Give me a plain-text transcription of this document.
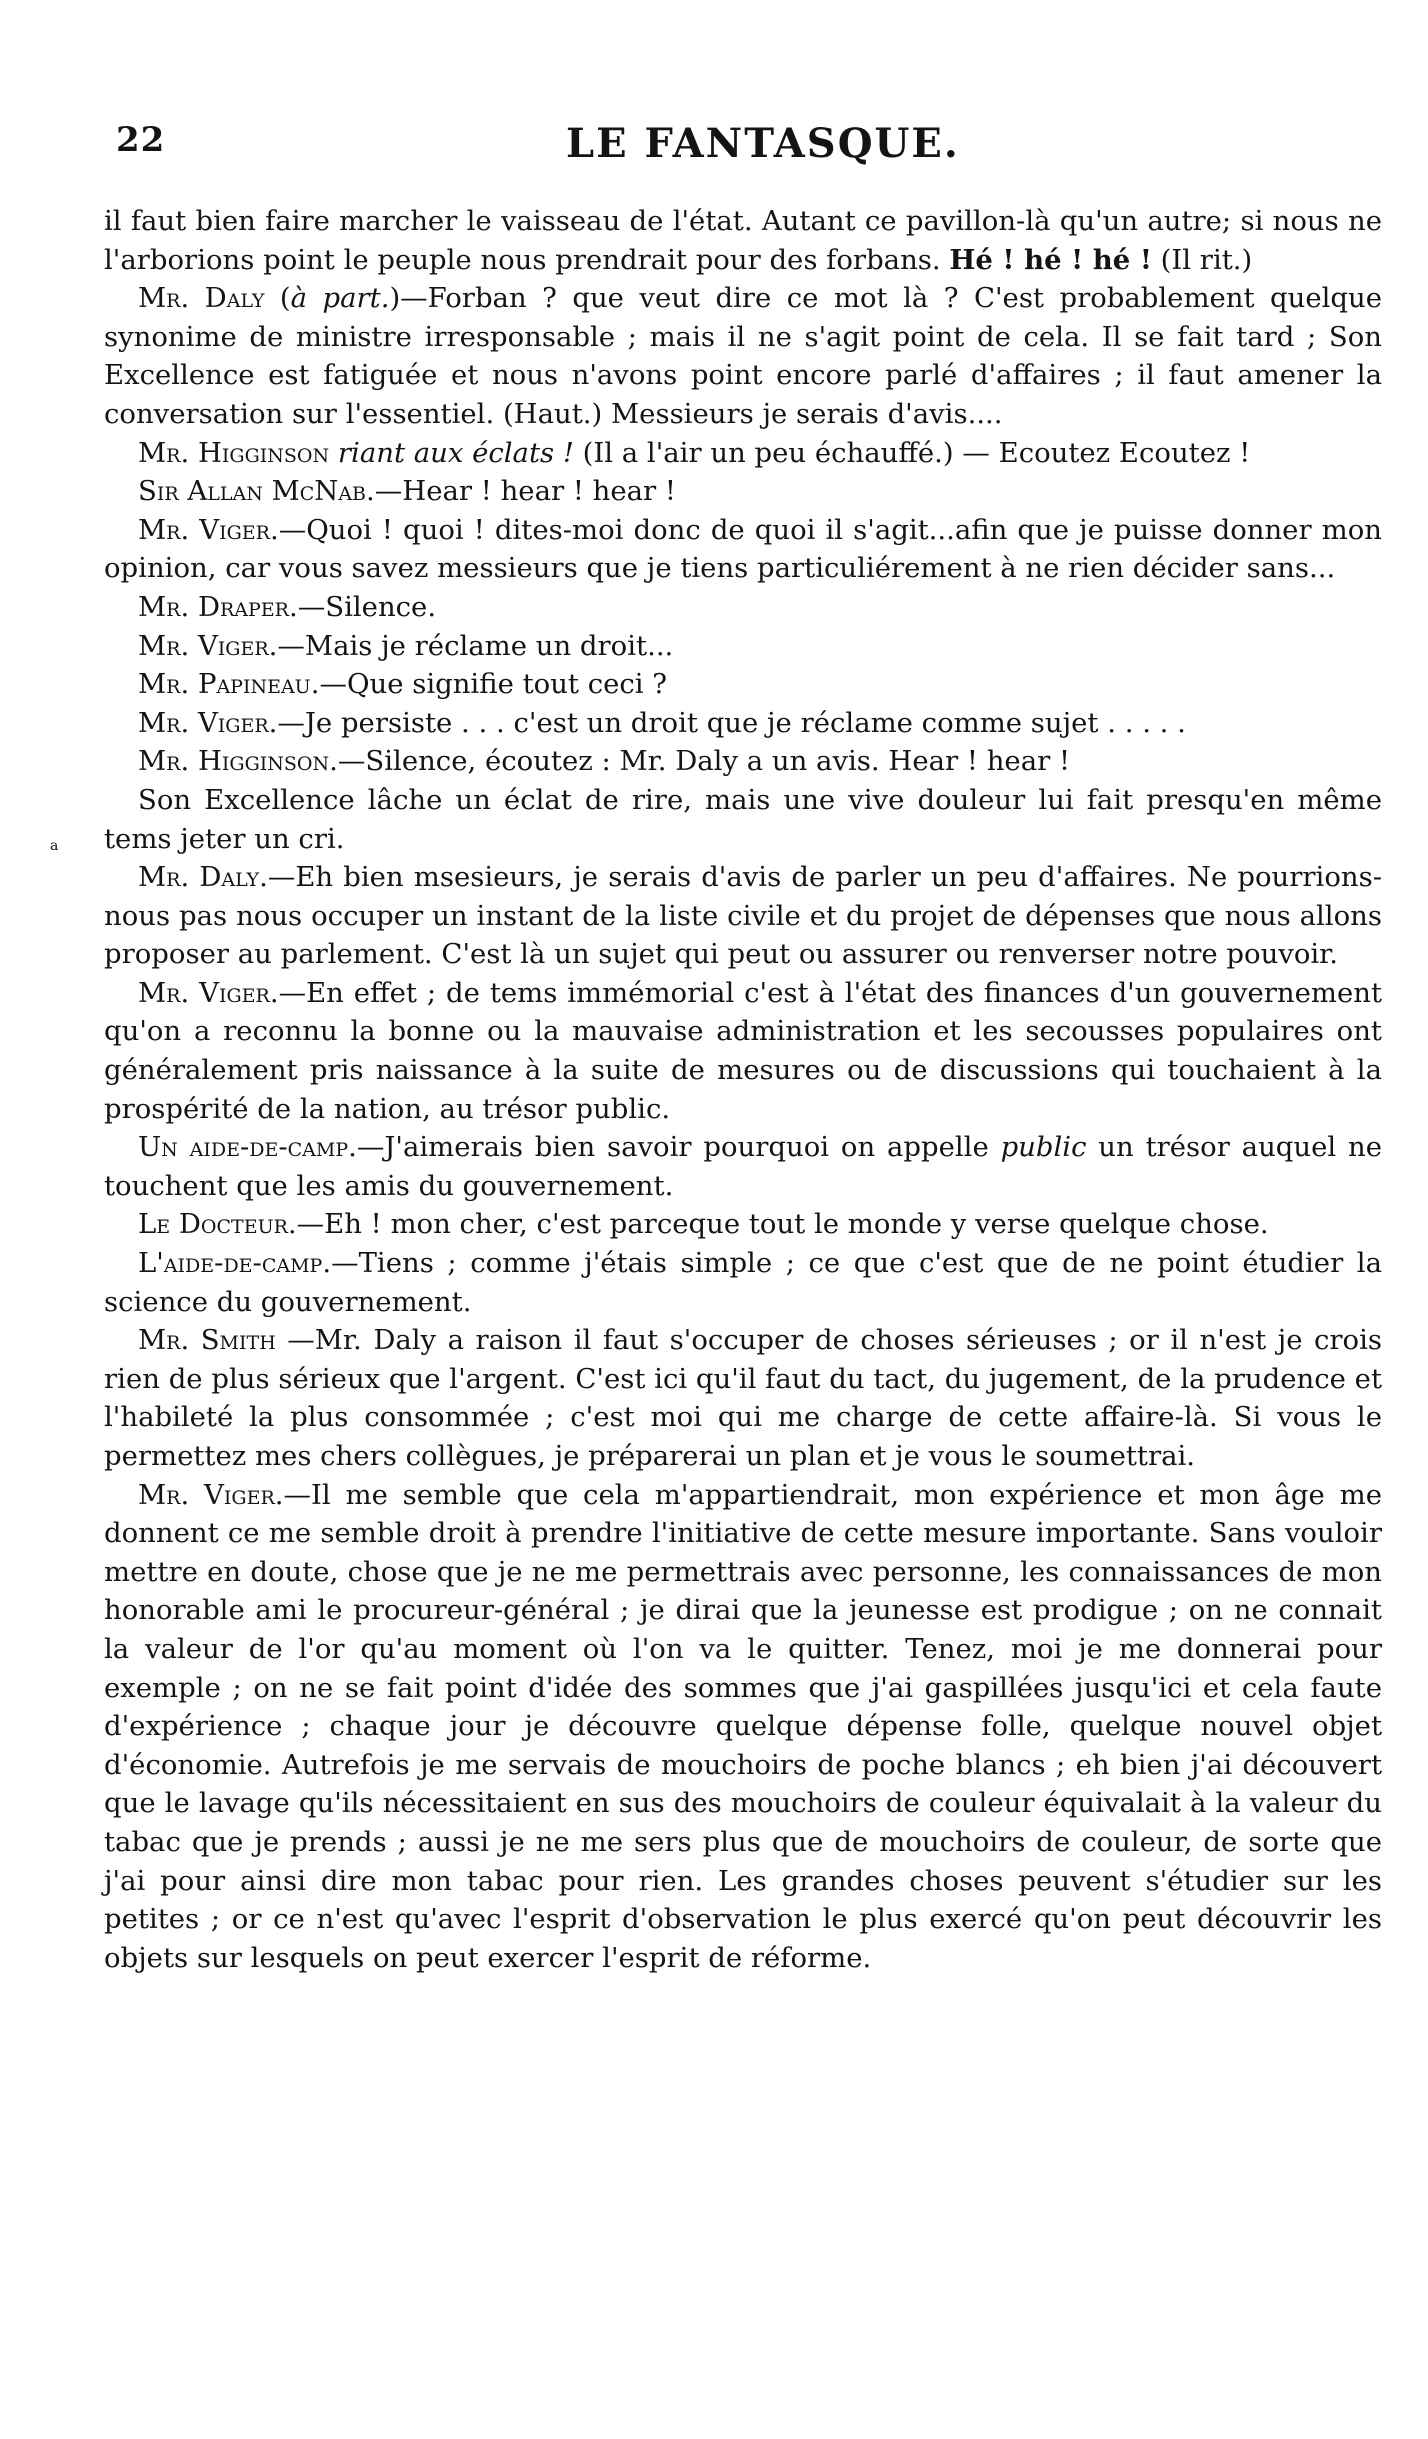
22	LE FANTASQUE.
a

il faut bien faire marcher le vaisseau de l'état. Autant ce pavillon-là qu'un autre; si nous ne l'arborions point le peuple nous prendrait pour des forbans. Hé ! hé ! hé ! (Il rit.)

Mr. Daly (à part.)—Forban ? que veut dire ce mot là ? C'est probablement quelque synonime de ministre irresponsable ; mais il ne s'agit point de cela. Il se fait tard ; Son Excellence est fatiguée et nous n'avons point encore parlé d'affaires ; il faut amener la conversation sur l'essentiel. (Haut.) Messieurs je serais d'avis....

Mr. Higginson riant aux éclats ! (Il a l'air un peu échauffé.) — Ecoutez Ecoutez !

Sir Allan McNab.—Hear ! hear ! hear !

Mr. Viger.—Quoi ! quoi ! dites-moi donc de quoi il s'agit...afin que je puisse donner mon opinion, car vous savez messieurs que je tiens particuliérement à ne rien décider sans...

Mr. Draper.—Silence.

Mr. Viger.—Mais je réclame un droit...

Mr. Papineau.—Que signifie tout ceci ?

Mr. Viger.—Je persiste . . . c'est un droit que je réclame comme sujet . . . . .

Mr. Higginson.—Silence, écoutez : Mr. Daly a un avis. Hear ! hear !

Son Excellence lâche un éclat de rire, mais une vive douleur lui fait presqu'en même tems jeter un cri.

Mr. Daly.—Eh bien msesieurs, je serais d'avis de parler un peu d'affaires. Ne pourrions-nous pas nous occuper un instant de la liste civile et du projet de dépenses que nous allons proposer au parlement. C'est là un sujet qui peut ou assurer ou renverser notre pouvoir.

Mr. Viger.—En effet ; de tems immémorial c'est à l'état des finances d'un gouvernement qu'on a reconnu la bonne ou la mauvaise administration et les secousses populaires ont généralement pris naissance à la suite de mesures ou de discussions qui touchaient à la prospérité de la nation, au trésor public.

Un aide-de-camp.—J'aimerais bien savoir pourquoi on appelle public un trésor auquel ne touchent que les amis du gouvernement.

Le Docteur.—Eh ! mon cher, c'est parceque tout le monde y verse quelque chose.

L'aide-de-camp.—Tiens ; comme j'étais simple ; ce que c'est que de ne point étudier la science du gouvernement.

Mr. Smith —Mr. Daly a raison il faut s'occuper de choses sérieuses ; or il n'est je crois rien de plus sérieux que l'argent. C'est ici qu'il faut du tact, du jugement, de la prudence et l'habileté la plus consommée ; c'est moi qui me charge de cette affaire-là. Si vous le permettez mes chers collègues, je préparerai un plan et je vous le soumettrai.

Mr. Viger.—Il me semble que cela m'appartiendrait, mon expérience et mon âge me donnent ce me semble droit à prendre l'initiative de cette mesure importante. Sans vouloir mettre en doute, chose que je ne me permettrais avec personne, les connaissances de mon honorable ami le procureur-général ; je dirai que la jeunesse est prodigue ; on ne connait la valeur de l'or qu'au moment où l'on va le quitter. Tenez, moi je me donnerai pour exemple ; on ne se fait point d'idée des sommes que j'ai gaspillées jusqu'ici et cela faute d'expérience ; chaque jour je découvre quelque dépense folle, quelque nouvel objet d'économie. Autrefois je me servais de mouchoirs de poche blancs ; eh bien j'ai découvert que le lavage qu'ils nécessitaient en sus des mouchoirs de couleur équivalait à la valeur du tabac que je prends ; aussi je ne me sers plus que de mouchoirs de couleur, de sorte que j'ai pour ainsi dire mon tabac pour rien. Les grandes choses peuvent s'étudier sur les petites ; or ce n'est qu'avec l'esprit d'observation le plus exercé qu'on peut découvrir les objets sur lesquels on peut exercer l'esprit de réforme.
